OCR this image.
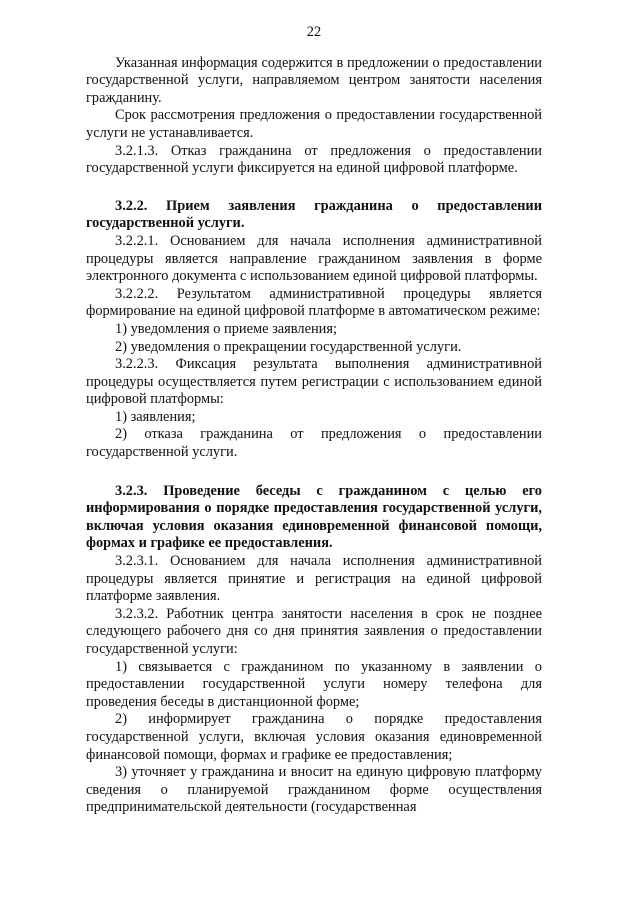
22

Указанная информация содержится в предложении о предоставлении государственной услуги, направляемом центром занятости населения гражданину.

Срок рассмотрения предложения о предоставлении государственной услуги не устанавливается.

3.2.1.3. Отказ гражданина от предложения о предоставлении государственной услуги фиксируется на единой цифровой платформе.

3.2.2. Прием заявления гражданина о предоставлении государственной услуги.

3.2.2.1. Основанием для начала исполнения административной процедуры является направление гражданином заявления в форме электронного документа с использованием единой цифровой платформы.

3.2.2.2. Результатом административной процедуры является формирование на единой цифровой платформе в автоматическом режиме:

1) уведомления о приеме заявления;

2) уведомления о прекращении государственной услуги.

3.2.2.3. Фиксация результата выполнения административной процедуры осуществляется путем регистрации с использованием единой цифровой платформы:

1) заявления;

2) отказа гражданина от предложения о предоставлении государственной услуги.

3.2.3. Проведение беседы с гражданином с целью его информирования о порядке предоставления государственной услуги, включая условия оказания единовременной финансовой помощи, формах и графике ее предоставления.

3.2.3.1. Основанием для начала исполнения административной процедуры является принятие и регистрация на единой цифровой платформе заявления.

3.2.3.2. Работник центра занятости населения в срок не позднее следующего рабочего дня со дня принятия заявления о предоставлении государственной услуги:

1) связывается с гражданином по указанному в заявлении о предоставлении государственной услуги номеру телефона для проведения беседы в дистанционной форме;

2) информирует гражданина о порядке предоставления государственной услуги, включая условия оказания единовременной финансовой помощи, формах и графике ее предоставления;

3) уточняет у гражданина и вносит на единую цифровую платформу сведения о планируемой гражданином форме осуществления предпринимательской деятельности (государственная
